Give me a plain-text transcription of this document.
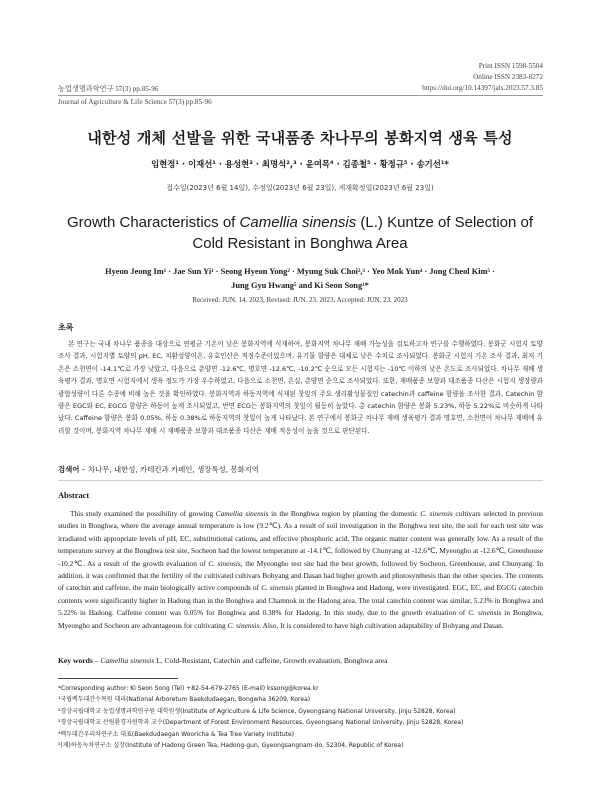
Print ISSN 1598-5504
Online ISSN 2383-8272
농업생명과학연구 57(3) pp.85-96	https://doi.org/10.14397/jals.2023.57.3.85
Journal of Agriculture & Life Science 57(3) pp.85-96
내한성 개체 선발을 위한 국내품종 차나무의 봉화지역 생육 특성
임현정¹ · 이재선¹ · 용성현² · 최명석²,³ · 윤여목⁴ · 김종철⁵ · 황정규⁵ · 송기선¹*
접수일(2023년 6월 14일), 수정일(2023년 6월 23일), 게재확정일(2023년 6월 23일)
Growth Characteristics of Camellia sinensis (L.) Kuntze of Selection of
Cold Resistant in Bonghwa Area
Hyeon Jeong Im¹ · Jae Sun Yi¹ · Seong Hyeon Yong² · Myung Suk Choi²,³ · Yeo Mok Yun⁴ · Jong Cheol Kim⁵ ·
Jung Gyu Hwang⁵ and Ki Seon Song¹*
Received: JUN. 14. 2023, Revised: JUN. 23. 2023, Accepted: JUN. 23. 2023
초록
본 연구는 국내 차나무 품종을 대상으로 연평균 기온이 낮은 봉화지역에 식재하여, 봉화지역 차나무 재배 가능성을 검토하고자 연구를 수행하였다. 봉화군 시험지 토양 조사 결과, 시험지별 토양의 pH, EC, 치환성양이온, 유효인산은 적정수준이었으며, 유기물 함량은 대체로 낮은 수치로 조사되었다. 봉화군 시험지 기온 조사 결과, 최저 기온은 소천면이 -14.1℃로 가장 낮았고, 다음으로 춘양면 -12.6℃, 명호면 -12.6℃, -10.2℃ 순으로 모든 시험지는 -10℃ 이하의 낮은 온도로 조사되었다. 차나무 재배 생육평가 결과, 명호면 시험지에서 생육 정도가 가장 우수하였고, 다음으로 소천면, 온실, 춘양면 순으로 조사되었다. 또한, 재배품종 보향과 대조품종 다산은 시험지 생장량과 광합성량이 다른 수종에 비해 높은 것을 확인하였다. 봉화지역과 하동지역에 식재된 찻잎의 주요 생리활성물질인 catechin과 caffeine 함량을 조사한 결과, Catechin 함량은 EGC와 EC, EGCG 함량은 하동이 높게 조사되었고, 반면 ECG는 봉화지역의 찻잎이 월등히 높았다. 총 catechin 함량은 봉화 5.23%, 하동 5.22%로 비슷하게 나타났다. Caffeine 함량은 봉화 0.05%, 하동 0.38%로 하동지역의 찻잎이 높게 나타났다. 본 연구에서 봉화군 차나무 재배 생육평가 결과 명호면, 소천면이 차나무 재배에 유리할 것이며, 봉화지역 차나무 재배 시 재배품종 보향과 대조품종 다산은 재배 적응성이 높을 것으로 판단된다.
검색어 – 차나무, 내한성, 카테킨과 카페인, 생장특성, 봉화지역
Abstract
This study examined the possibility of growing Camellia sinensis in the Bonghwa region by planting the domestic C. sinensis cultivars selected in previous studies in Bonghwa, where the average annual temperature is low (9.2℃). As a result of soil investigation in the Bonghwa test site, the soil for each test site was irradiated with appropriate levels of pH, EC, substitutional cations, and effective phosphoric acid. The organic matter content was generally low. As a result of the temperature survey at the Bonghwa test site, Socheon had the lowest temperature at -14.1℃, followed by Chunyang at -12.6℃, Myeongho at -12.6℃, Greenhouse -10.2℃. As a result of the growth evaluation of C. sinensis, the Myeongho test site had the best growth, followed by Socheon, Greenhouse, and Chunyang. In addition, it was confirmed that the fertility of the cultivated cultivars Bohyang and Dasan had higher growth and photosynthesis than the other species. The contents of catechin and caffeine, the main biologically active compounds of C. sinensis planted in Bonghwa and Hadong, were investigated. EGC, EC, and EGCG catechin contents were significantly higher in Hadong than in the Bonghwa and Chamnok in the Hadong area. The total catechin content was similar, 5.23% in Bonghwa and 5.22% in Hadong. Caffeine content was 0.05% for Bonghwa and 0.38% for Hadong. In this study, due to the growth evaluation of C. sinensis in Bonghwa, Myeongho and Socheon are advantageous for cultivating C. sinensis. Also, It is considered to have high cultivation adaptability of Bohyang and Dasan.
Key words – Camellia sinensis L, Cold-Resistant, Catechin and caffeine, Growth evaluation, Bonghwa area
*Corresponding author: Ki Seon Song (Tel) +82-54-679-2765 (E-mail) kssong@korea.kr
¹국립백두대간수목원 대리(National Arboretum Baekdudaegan, Bongwha 36209, Korea)
²경상국립대학교 농업생명과학연구원 대학원생(Institute of Agriculture & Life Science, Gyeongsang National University, Jinju 52828, Korea)
³경상국립대학교 산림환경자원학과 교수(Department of Forest Environment Resources, Gyeongsang National University, Jinju 52828, Korea)
⁴백두대간우리차연구소 대표(Baekdudaegan Woorichа & Tea Tree Variety Institute)
⁵(재)하동녹차연구소 실장(Institute of Hadong Green Tea, Hadong-gun, Gyeongsangnam-do, 52304, Republic of Korea)
